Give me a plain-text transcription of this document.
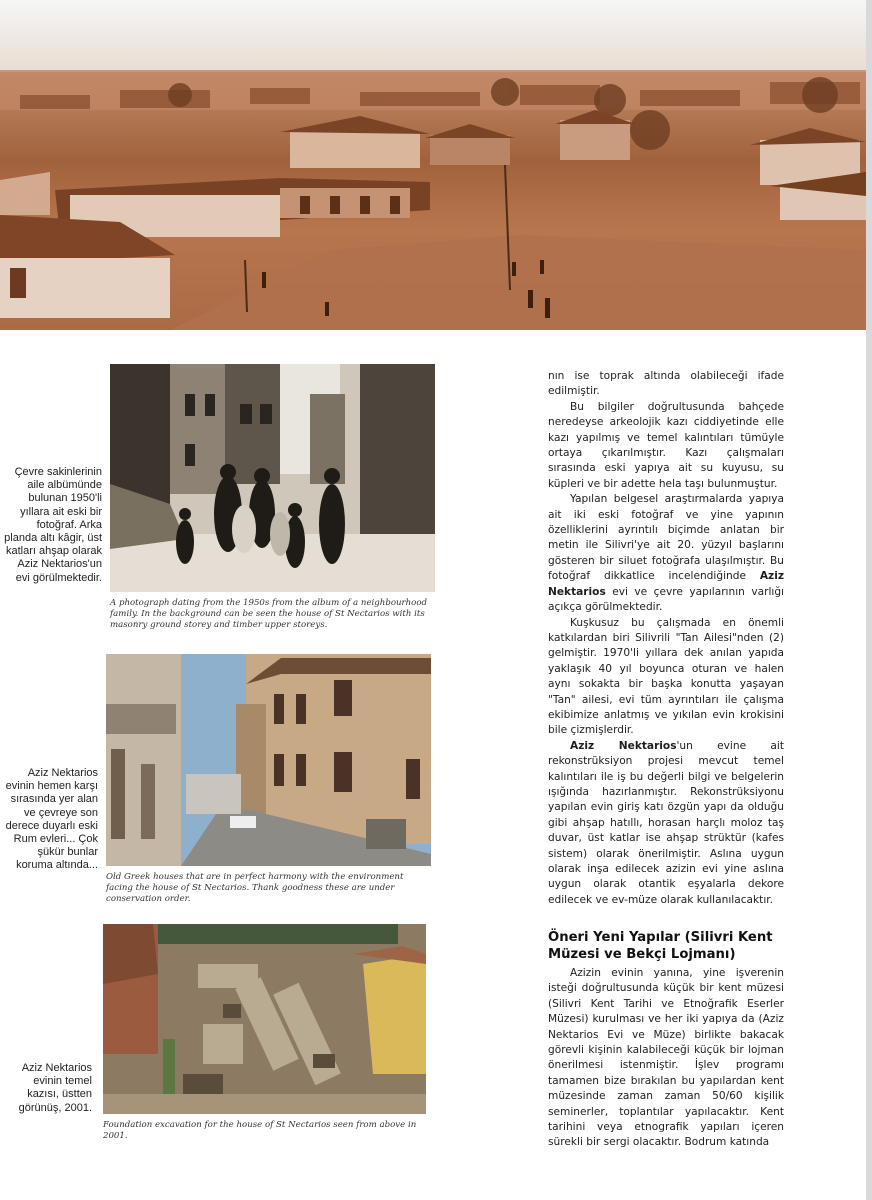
Çevre sakinlerinin aile albümünde bulunan 1950'li yıllara ait eski bir fotoğraf. Arka planda altı kâgir, üst katları ahşap olarak Aziz Nektarios'un evi görülmektedir.
A photograph dating from the 1950s from the album of a neighbourhood family. In the background can be seen the house of St Nectarios with its masonry ground storey and timber upper storeys.
Aziz Nektarios evinin hemen karşı sırasında yer alan ve çevreye son derece duyarlı eski Rum evleri... Çok şükür bunlar koruma altında...
Old Greek houses that are in perfect harmony with the environment facing the house of St Nectarios. Thank goodness these are under conservation order.
Aziz Nektarios evinin temel kazısı, üstten görünüş, 2001.
Foundation excavation for the house of St Nectarios seen from above in 2001.

nın ise toprak altında olabileceği ifade edilmiştir.

Bu bilgiler doğrultusunda bahçede neredeyse arkeolojik kazı ciddiyetinde elle kazı yapılmış ve temel kalıntıları tümüyle ortaya çıkarılmıştır. Kazı çalışmaları sırasında eski yapıya ait su kuyusu, su küpleri ve bir adette hela taşı bulunmuştur.

Yapılan belgesel araştırmalarda yapıya ait iki eski fotoğraf ve yine yapının özelliklerini ayrıntılı biçimde anlatan bir metin ile Silivri'ye ait 20. yüzyıl başlarını gösteren bir siluet fotoğrafa ulaşılmıştır. Bu fotoğraf dikkatlice incelendiğinde Aziz Nektarios evi ve çevre yapılarının varlığı açıkça görülmektedir.

Kuşkusuz bu çalışmada en önemli katkılardan biri Silivrili "Tan Ailesi"nden (2) gelmiştir. 1970'li yıllara dek anılan yapıda yaklaşık 40 yıl boyunca oturan ve halen aynı sokakta bir başka konutta yaşayan "Tan" ailesi, evi tüm ayrıntıları ile çalışma ekibimize anlatmış ve yıkılan evin krokisini bile çizmişlerdir.

Aziz Nektarios'un evine ait rekonstrüksiyon projesi mevcut temel kalıntıları ile iş bu değerli bilgi ve belgelerin ışığında hazırlanmıştır. Rekonstrüksiyonu yapılan evin giriş katı özgün yapı da olduğu gibi ahşap hatıllı, horasan harçlı moloz taş duvar, üst katlar ise ahşap strüktür (kafes sistem) olarak önerilmiştir. Aslına uygun olarak inşa edilecek azizin evi yine aslına uygun olarak otantik eşyalarla dekore edilecek ve ev-müze olarak kullanılacaktır.

Öneri Yeni Yapılar (Silivri Kent Müzesi ve Bekçi Lojmanı)

Azizin evinin yanına, yine işverenin isteği doğrultusunda küçük bir kent müzesi (Silivri Kent Tarihi ve Etnoğrafik Eserler Müzesi) kurulması ve her iki yapıya da (Aziz Nektarios Evi ve Müze) birlikte bakacak görevli kişinin kalabileceği küçük bir lojman önerilmesi istenmiştir. İşlev programı tamamen bize bırakılan bu yapılardan kent müzesinde zaman zaman 50/60 kişilik seminerler, toplantılar yapılacaktır. Kent tarihini veya etnografik yapıları içeren sürekli bir sergi olacaktır. Bodrum katında
